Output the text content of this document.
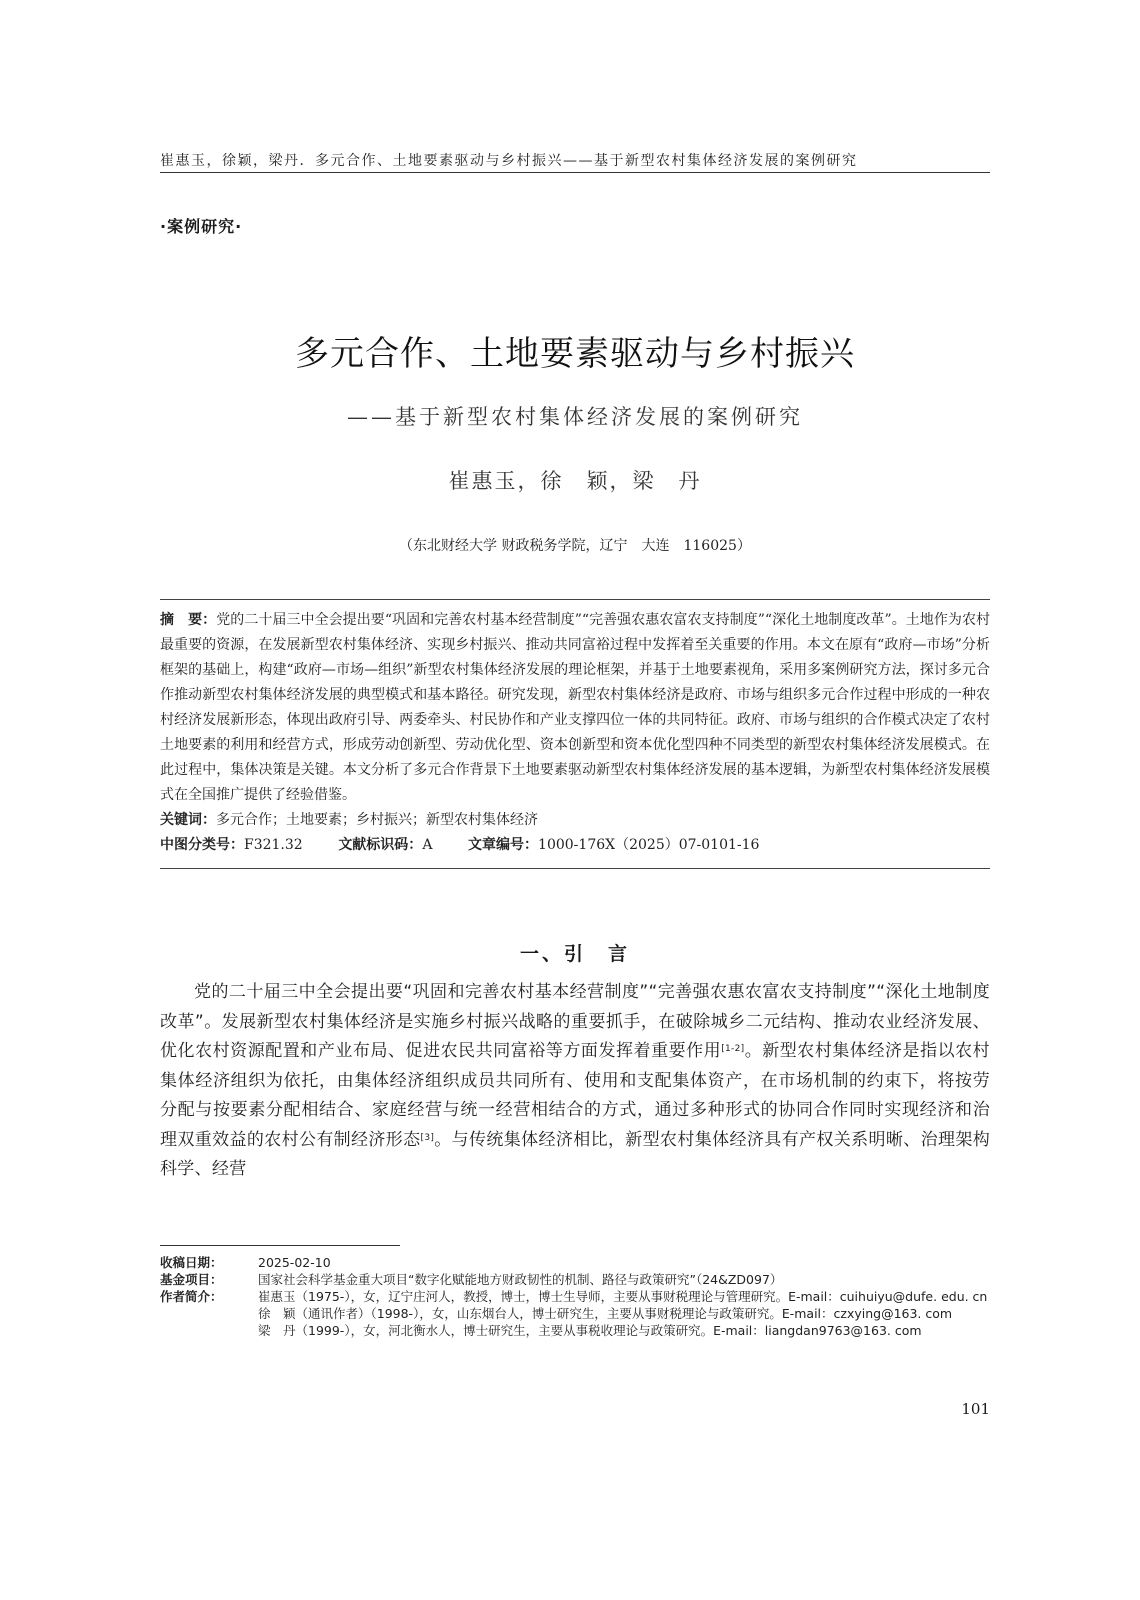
崔惠玉，徐颖，梁丹．多元合作、土地要素驱动与乡村振兴——基于新型农村集体经济发展的案例研究
·案例研究·
多元合作、土地要素驱动与乡村振兴
——基于新型农村集体经济发展的案例研究
崔惠玉，徐　颖，梁　丹
（东北财经大学 财政税务学院，辽宁　大连　116025）

摘　要：党的二十届三中全会提出要“巩固和完善农村基本经营制度”“完善强农惠农富农支持制度”“深化土地制度改革”。土地作为农村最重要的资源，在发展新型农村集体经济、实现乡村振兴、推动共同富裕过程中发挥着至关重要的作用。本文在原有“政府—市场”分析框架的基础上，构建“政府—市场—组织”新型农村集体经济发展的理论框架，并基于土地要素视角，采用多案例研究方法，探讨多元合作推动新型农村集体经济发展的典型模式和基本路径。研究发现，新型农村集体经济是政府、市场与组织多元合作过程中形成的一种农村经济发展新形态，体现出政府引导、两委牵头、村民协作和产业支撑四位一体的共同特征。政府、市场与组织的合作模式决定了农村土地要素的利用和经营方式，形成劳动创新型、劳动优化型、资本创新型和资本优化型四种不同类型的新型农村集体经济发展模式。在此过程中，集体决策是关键。本文分析了多元合作背景下土地要素驱动新型农村集体经济发展的基本逻辑，为新型农村集体经济发展模式在全国推广提供了经验借鉴。

关键词：多元合作；土地要素；乡村振兴；新型农村集体经济

中图分类号：F321.32	文献标识码：A	文章编号：1000-176X（2025）07-0101-16

一、引　言

党的二十届三中全会提出要“巩固和完善农村基本经营制度”“完善强农惠农富农支持制度”“深化土地制度改革”。发展新型农村集体经济是实施乡村振兴战略的重要抓手，在破除城乡二元结构、推动农业经济发展、优化农村资源配置和产业布局、促进农民共同富裕等方面发挥着重要作用[1-2]。新型农村集体经济是指以农村集体经济组织为依托，由集体经济组织成员共同所有、使用和支配集体资产，在市场机制的约束下，将按劳分配与按要素分配相结合、家庭经营与统一经营相结合的方式，通过多种形式的协同合作同时实现经济和治理双重效益的农村公有制经济形态[3]。与传统集体经济相比，新型农村集体经济具有产权关系明晰、治理架构科学、经营

收稿日期：	2025-02-10
基金项目：	国家社会科学基金重大项目“数字化赋能地方财政韧性的机制、路径与政策研究”（24&ZD097）
作者简介：	崔惠玉（1975-），女，辽宁庄河人，教授，博士，博士生导师，主要从事财税理论与管理研究。E-mail：cuihuiyu@dufe. edu. cn
徐　颖（通讯作者）（1998-），女，山东烟台人，博士研究生，主要从事财税理论与政策研究。E-mail：czxying@163. com
梁　丹（1999-），女，河北衡水人，博士研究生，主要从事税收理论与政策研究。E-mail：liangdan9763@163. com
101
